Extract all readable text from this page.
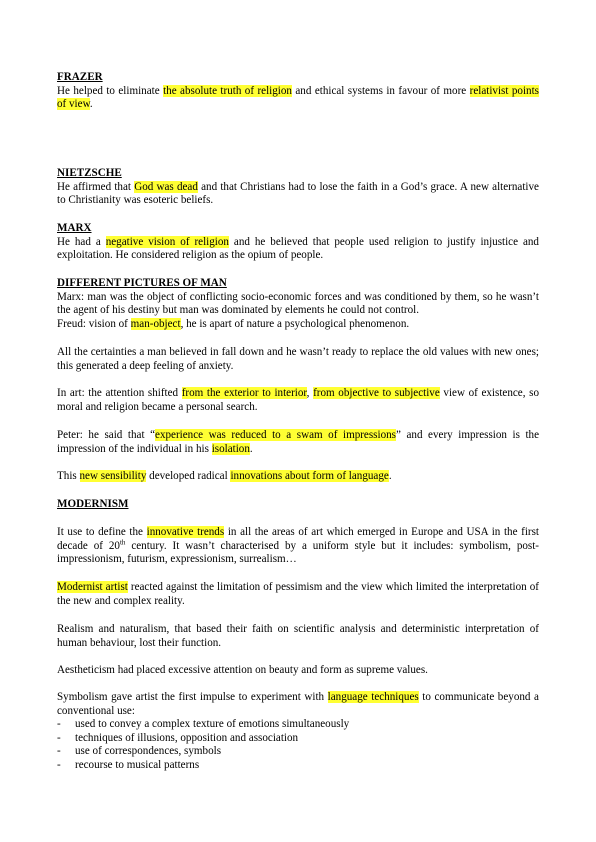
FRAZER
He helped to eliminate the absolute truth of religion and ethical systems in favour of more relativist points of view.
NIETZSCHE
He affirmed that God was dead and that Christians had to lose the faith in a God’s grace. A new alternative to Christianity was esoteric beliefs.
MARX
He had a negative vision of religion and he believed that people used religion to justify injustice and exploitation. He considered religion as the opium of people.
DIFFERENT PICTURES OF MAN
Marx: man was the object of conflicting socio-economic forces and was conditioned by them, so he wasn’t the agent of his destiny but man was dominated by elements he could not control.
Freud: vision of man-object, he is apart of nature a psychological phenomenon.
All the certainties a man believed in fall down and he wasn’t ready to replace the old values with new ones; this generated a deep feeling of anxiety.
In art: the attention shifted from the exterior to interior, from objective to subjective view of existence, so moral and religion became a personal search.
Peter: he said that “experience was reduced to a swam of impressions” and every impression is the impression of the individual in his isolation.
This new sensibility developed radical innovations about form of language.
MODERNISM
It use to define the innovative trends in all the areas of art which emerged in Europe and USA in the first decade of 20th century. It wasn’t characterised by a uniform style but it includes: symbolism, post-impressionism, futurism, expressionism, surrealism…
Modernist artist reacted against the limitation of pessimism and the view which limited the interpretation of the new and complex reality.
Realism and naturalism, that based their faith on scientific analysis and deterministic interpretation of human behaviour, lost their function.
Aestheticism had placed excessive attention on beauty and form as supreme values.
Symbolism gave artist the first impulse to experiment with language techniques to communicate beyond a conventional use:
- used to convey a complex texture of emotions simultaneously
- techniques of illusions, opposition and association
- use of correspondences, symbols
- recourse to musical patterns
